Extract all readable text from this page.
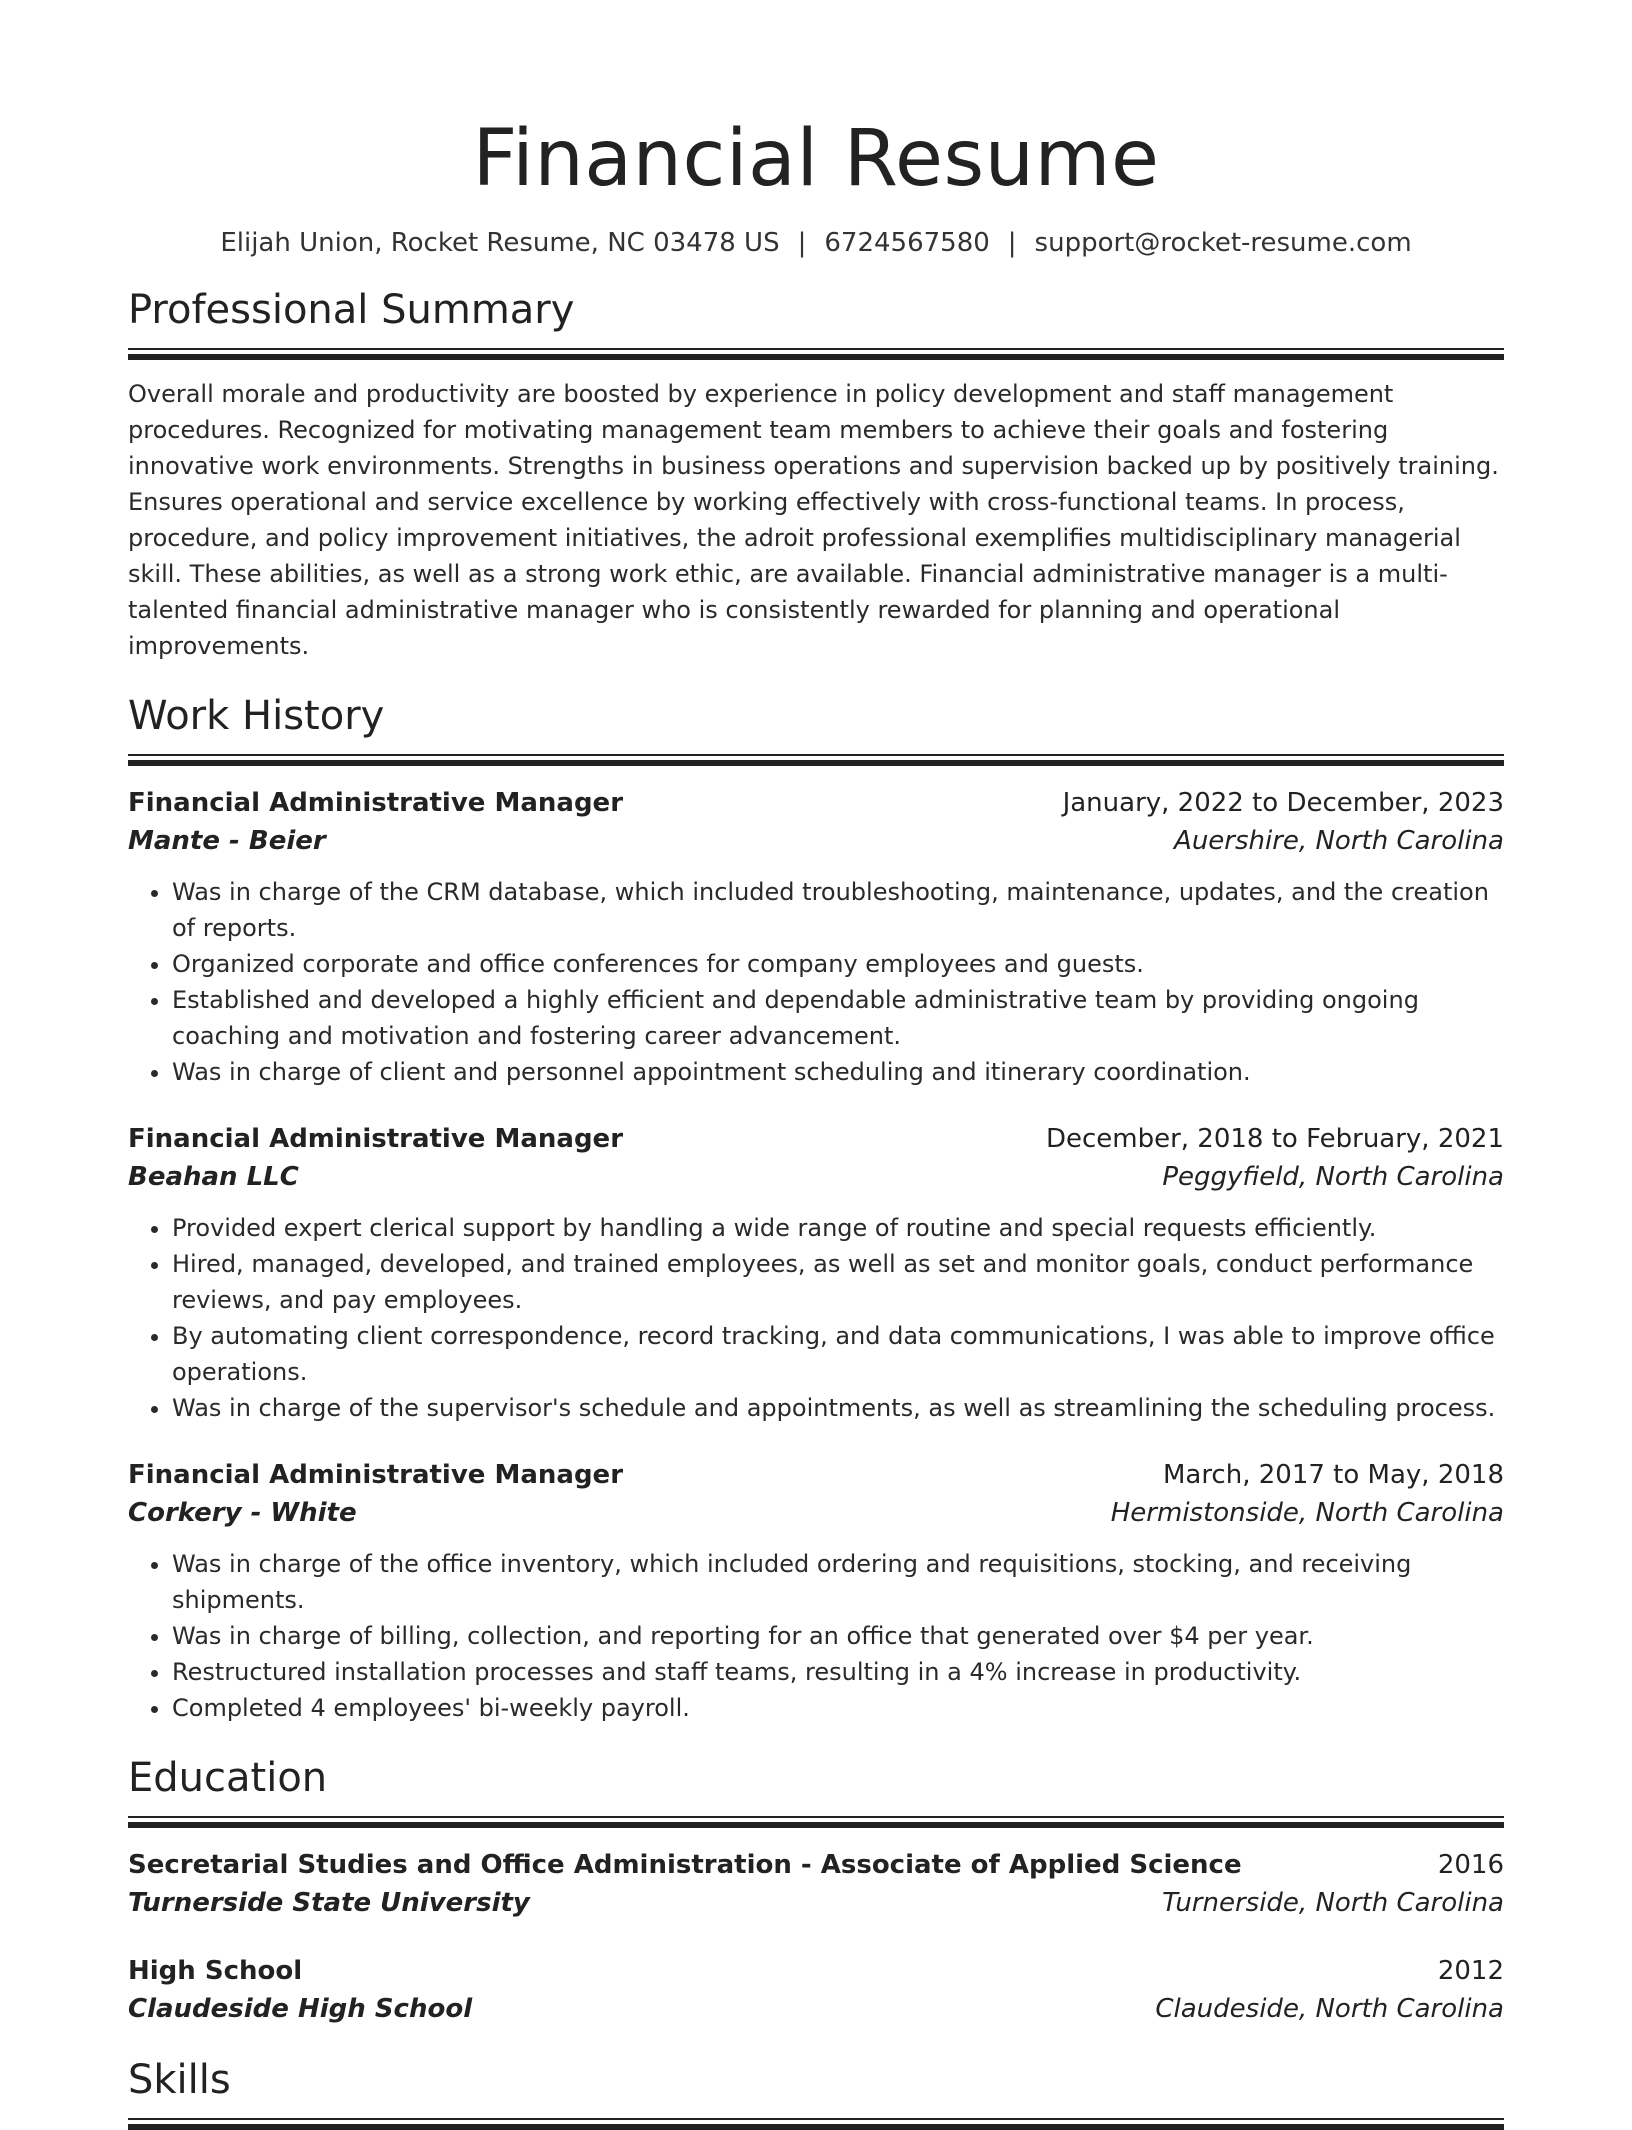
Financial Resume
Elijah Union, Rocket Resume, NC 03478 US | 6724567580 | support@rocket-resume.com
Professional Summary

Overall morale and productivity are boosted by experience in policy development and staff management procedures. Recognized for motivating management team members to achieve their goals and fostering innovative work environments. Strengths in business operations and supervision backed up by positively training. Ensures operational and service excellence by working effectively with cross-functional teams. In process, procedure, and policy improvement initiatives, the adroit professional exemplifies multidisciplinary managerial skill. These abilities, as well as a strong work ethic, are available. Financial administrative manager is a multi-talented financial administrative manager who is consistently rewarded for planning and operational improvements.

Work History
Financial Administrative Manager	January, 2022 to December, 2023
Mante - Beier	Auershire, North Carolina
• Was in charge of the CRM database, which included troubleshooting, maintenance, updates, and the creation of reports.
• Organized corporate and office conferences for company employees and guests.
• Established and developed a highly efficient and dependable administrative team by providing ongoing coaching and motivation and fostering career advancement.
• Was in charge of client and personnel appointment scheduling and itinerary coordination.
Financial Administrative Manager	December, 2018 to February, 2021
Beahan LLC	Peggyfield, North Carolina
• Provided expert clerical support by handling a wide range of routine and special requests efficiently.
• Hired, managed, developed, and trained employees, as well as set and monitor goals, conduct performance reviews, and pay employees.
• By automating client correspondence, record tracking, and data communications, I was able to improve office operations.
• Was in charge of the supervisor's schedule and appointments, as well as streamlining the scheduling process.
Financial Administrative Manager	March, 2017 to May, 2018
Corkery - White	Hermistonside, North Carolina
• Was in charge of the office inventory, which included ordering and requisitions, stocking, and receiving shipments.
• Was in charge of billing, collection, and reporting for an office that generated over $4 per year.
• Restructured installation processes and staff teams, resulting in a 4% increase in productivity.
• Completed 4 employees' bi-weekly payroll.
Education
Secretarial Studies and Office Administration - Associate of Applied Science	2016
Turnerside State University	Turnerside, North Carolina
High School	2012
Claudeside High School	Claudeside, North Carolina
Skills
